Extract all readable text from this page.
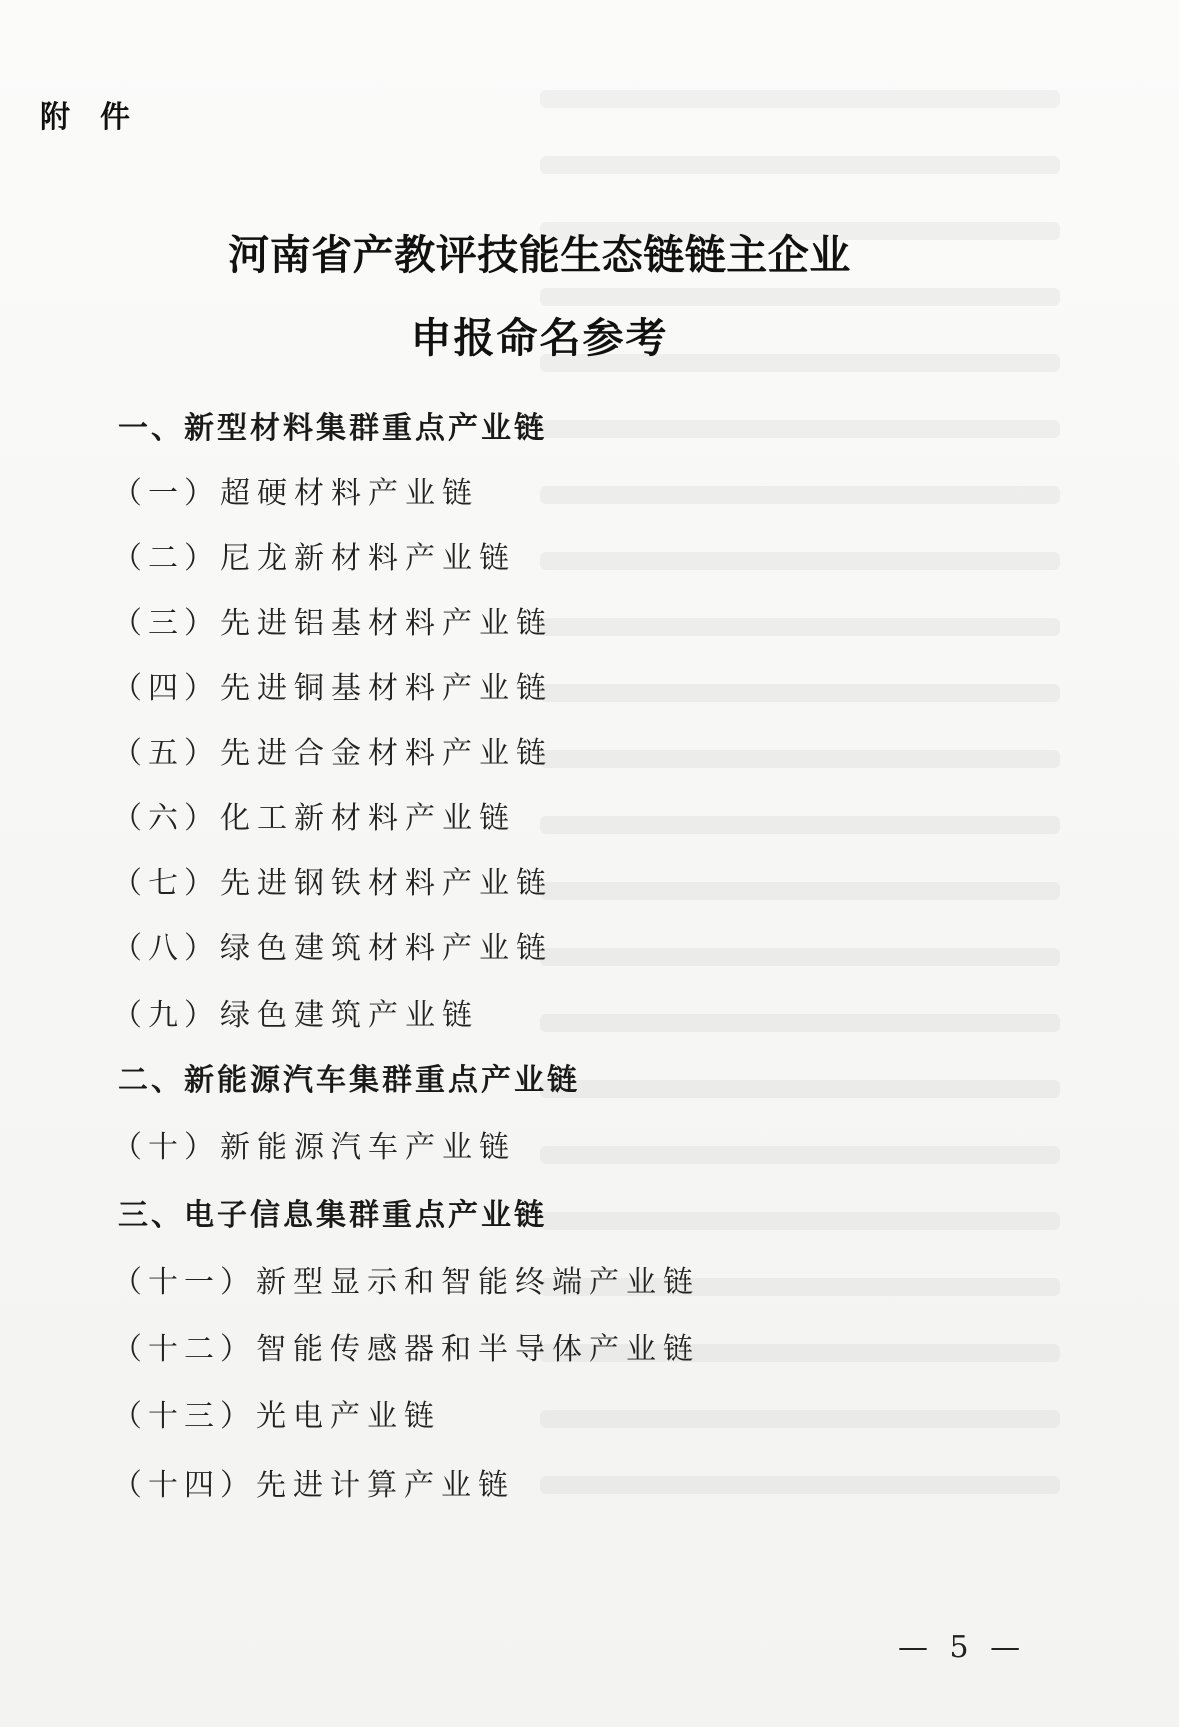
附件
河南省产教评技能生态链链主企业
申报命名参考
一、新型材料集群重点产业链
（一）超硬材料产业链
（二）尼龙新材料产业链
（三）先进铝基材料产业链
（四）先进铜基材料产业链
（五）先进合金材料产业链
（六）化工新材料产业链
（七）先进钢铁材料产业链
（八）绿色建筑材料产业链
（九）绿色建筑产业链
二、新能源汽车集群重点产业链
（十）新能源汽车产业链
三、电子信息集群重点产业链
（十一）新型显示和智能终端产业链
（十二）智能传感器和半导体产业链
（十三）光电产业链
（十四）先进计算产业链
— 5 —
